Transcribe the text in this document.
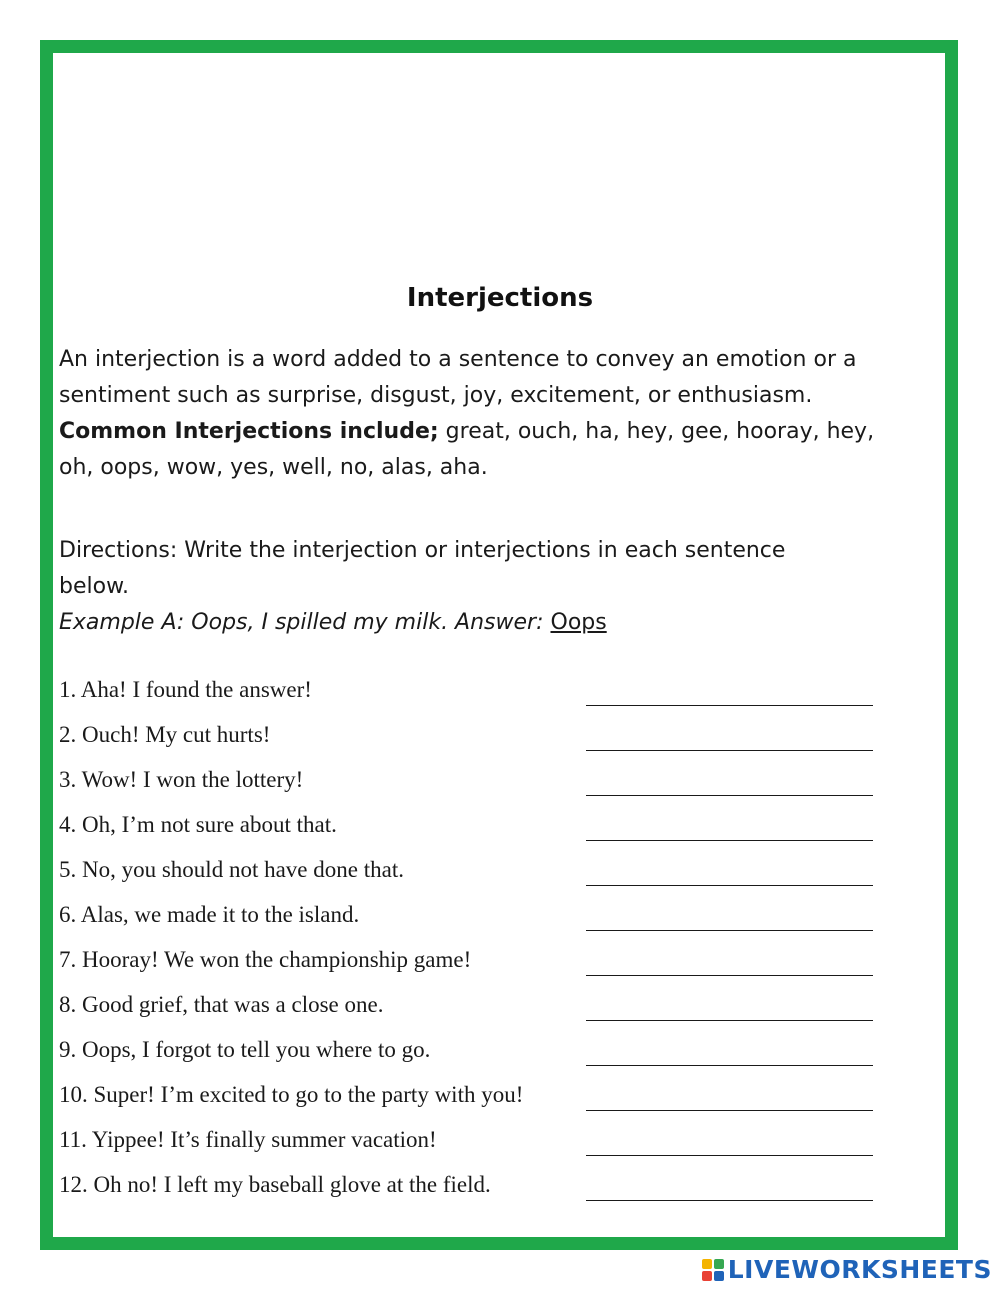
Interjections

An interjection is a word added to a sentence to convey an emotion or a
sentiment such as surprise, disgust, joy, excitement, or enthusiasm.
Common Interjections include; great, ouch, ha, hey, gee, hooray, hey,
oh, oops, wow, yes, well, no, alas, aha.

Directions: Write the interjection or interjections in each sentence
below.

Example A: Oops, I spilled my milk. Answer: Oops

1. Aha! I found the answer!
2. Ouch! My cut hurts!
3. Wow! I won the lottery!
4. Oh, I’m not sure about that.
5. No, you should not have done that.
6. Alas, we made it to the island.
7. Hooray! We won the championship game!
8. Good grief, that was a close one.
9. Oops, I forgot to tell you where to go.
10. Super! I’m excited to go to the party with you!
11. Yippee! It’s finally summer vacation!
12. Oh no! I left my baseball glove at the field.
LIVEWORKSHEETS
